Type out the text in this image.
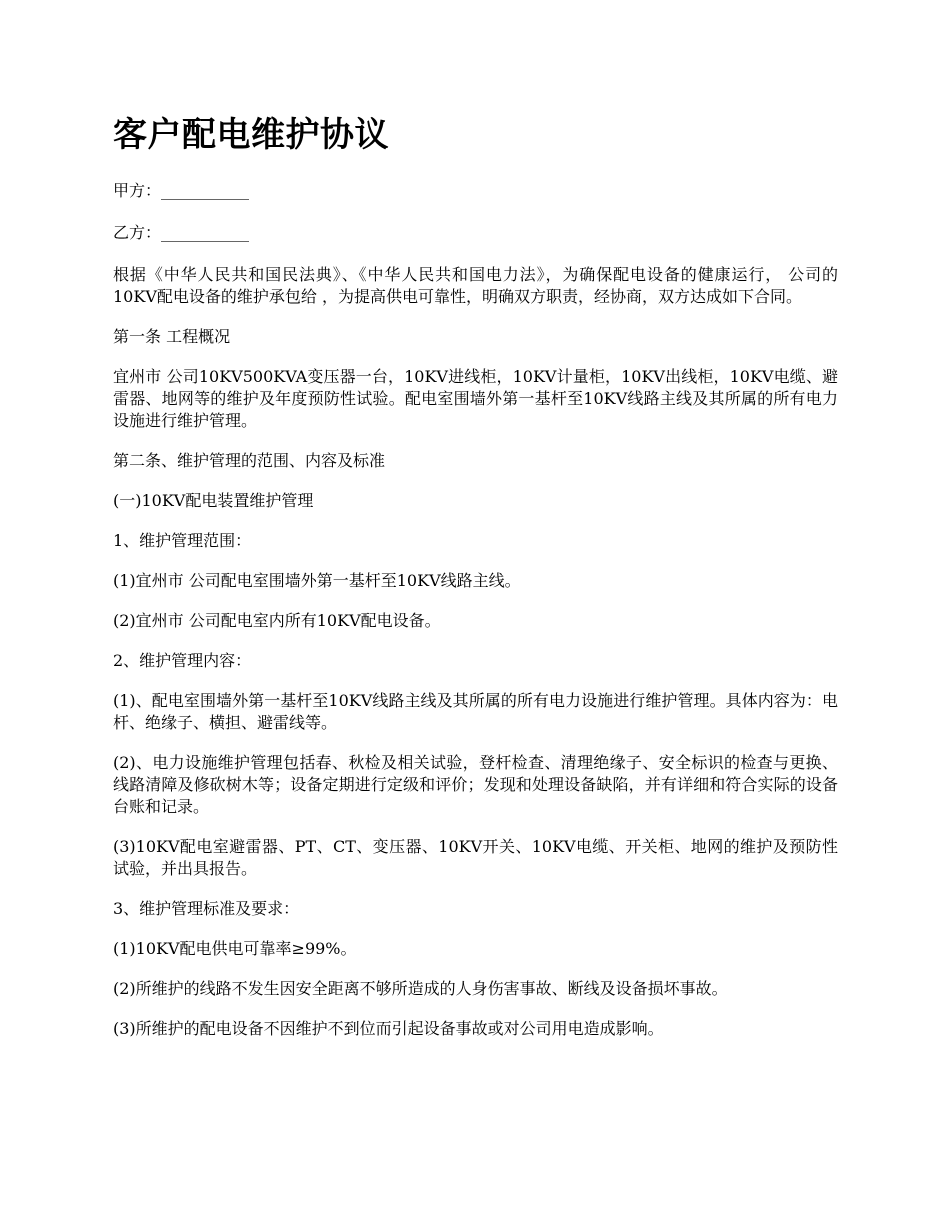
客户配电维护协议

甲方：___________

乙方：___________

根据《中华人民共和国民法典》、《中华人民共和国电力法》，为确保配电设备的健康运行， 公司的10KV配电设备的维护承包给 ，为提高供电可靠性，明确双方职责，经协商，双方达成如下合同。

第一条 工程概况

宜州市 公司10KV500KVA变压器一台，10KV进线柜，10KV计量柜，10KV出线柜，10KV电缆、避雷器、地网等的维护及年度预防性试验。配电室围墙外第一基杆至10KV线路主线及其所属的所有电力设施进行维护管理。

第二条、维护管理的范围、内容及标准

(一)10KV配电装置维护管理

1、维护管理范围：

(1)宜州市 公司配电室围墙外第一基杆至10KV线路主线。

(2)宜州市 公司配电室内所有10KV配电设备。

2、维护管理内容：

(1)、配电室围墙外第一基杆至10KV线路主线及其所属的所有电力设施进行维护管理。具体内容为：电杆、绝缘子、横担、避雷线等。

(2)、电力设施维护管理包括春、秋检及相关试验，登杆检查、清理绝缘子、安全标识的检查与更换、线路清障及修砍树木等；设备定期进行定级和评价；发现和处理设备缺陷，并有详细和符合实际的设备台账和记录。

(3)10KV配电室避雷器、PT、CT、变压器、10KV开关、10KV电缆、开关柜、地网的维护及预防性试验，并出具报告。

3、维护管理标准及要求：

(1)10KV配电供电可靠率≥99%。

(2)所维护的线路不发生因安全距离不够所造成的人身伤害事故、断线及设备损坏事故。

(3)所维护的配电设备不因维护不到位而引起设备事故或对公司用电造成影响。
